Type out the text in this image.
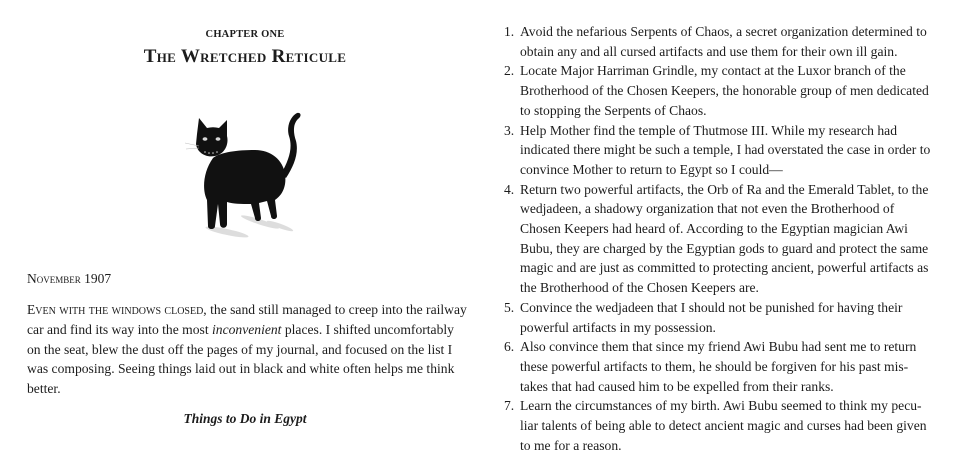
CHAPTER ONE
The Wretched Reticule
November 1907
Even with the windows closed, the sand still managed to creep into the railway car and find its way into the most inconvenient places. I shifted uncomfortably on the seat, blew the dust off the pages of my journal, and focused on the list I was composing. Seeing things laid out in black and white often helps me think better.
Things to Do in Egypt
1. Avoid the nefarious Serpents of Chaos, a secret organization determined to obtain any and all cursed artifacts and use them for their own ill gain.
2. Locate Major Harriman Grindle, my contact at the Luxor branch of the Brotherhood of the Chosen Keepers, the honorable group of men dedicated to stopping the Serpents of Chaos.
3. Help Mother find the temple of Thutmose III. While my research had indicated there might be such a temple, I had overstated the case in order to convince Mother to return to Egypt so I could—
4. Return two powerful artifacts, the Orb of Ra and the Emerald Tablet, to the wedjadeen, a shadowy organization that not even the Brotherhood of Chosen Keepers had heard of. According to the Egyptian magician Awi Bubu, they are charged by the Egyptian gods to guard and protect the same magic and are just as committed to protecting ancient, powerful artifacts as the Brotherhood of the Chosen Keepers are.
5. Convince the wedjadeen that I should not be punished for having their powerful artifacts in my possession.
6. Also convince them that since my friend Awi Bubu had sent me to return these powerful artifacts to them, he should be forgiven for his past mis-takes that had caused him to be expelled from their ranks.
7. Learn the circumstances of my birth. Awi Bubu seemed to think my pecu-liar talents of being able to detect ancient magic and curses had been given to me for a reason.
